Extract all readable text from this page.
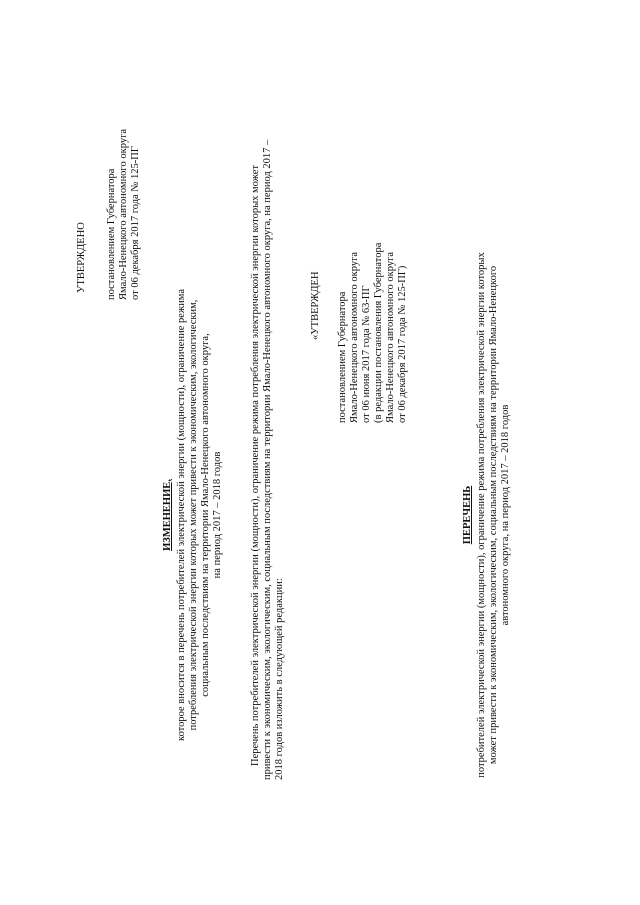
УТВЕРЖДЕНО постановлением Губернатора Ямало-Ненецкого автономного округа от 06 декабря 2017 года № 125-ПГ

ИЗМЕНЕНИЕ, которое вносится в перечень потребителей электрической энергии (мощности), ограничение режима потребления электрической энергии которых может привести к экономическим, экологическим, социальным последствиям на территории Ямало-Ненецкого автономного округа, на период 2017 – 2018 годов	Перечень потребителей электрической энергии (мощности), ограничение режима потребления электрической энергии которых может привести к экономическим, экологическим, социальным последствиям на территории Ямало-Ненецкого автономного округа, на период 2017 – 2018 годов изложить в следующей редакции:

«УТВЕРЖДЕН постановлением Губернатора Ямало-Ненецкого автономного округа от 06 июня 2017 года № 63-ПГ (в редакции постановления Губернатора Ямало-Ненецкого автономного округа от 06 декабря 2017 года № 125-ПГ)

ПЕРЕЧЕНЬ потребителей электрической энергии (мощности), ограничение режима потребления электрической энергии которых может привести к экономическим, экологическим, социальным последствиям на территории Ямало-Ненецкого автономного округа, на период 2017 – 2018 годов
